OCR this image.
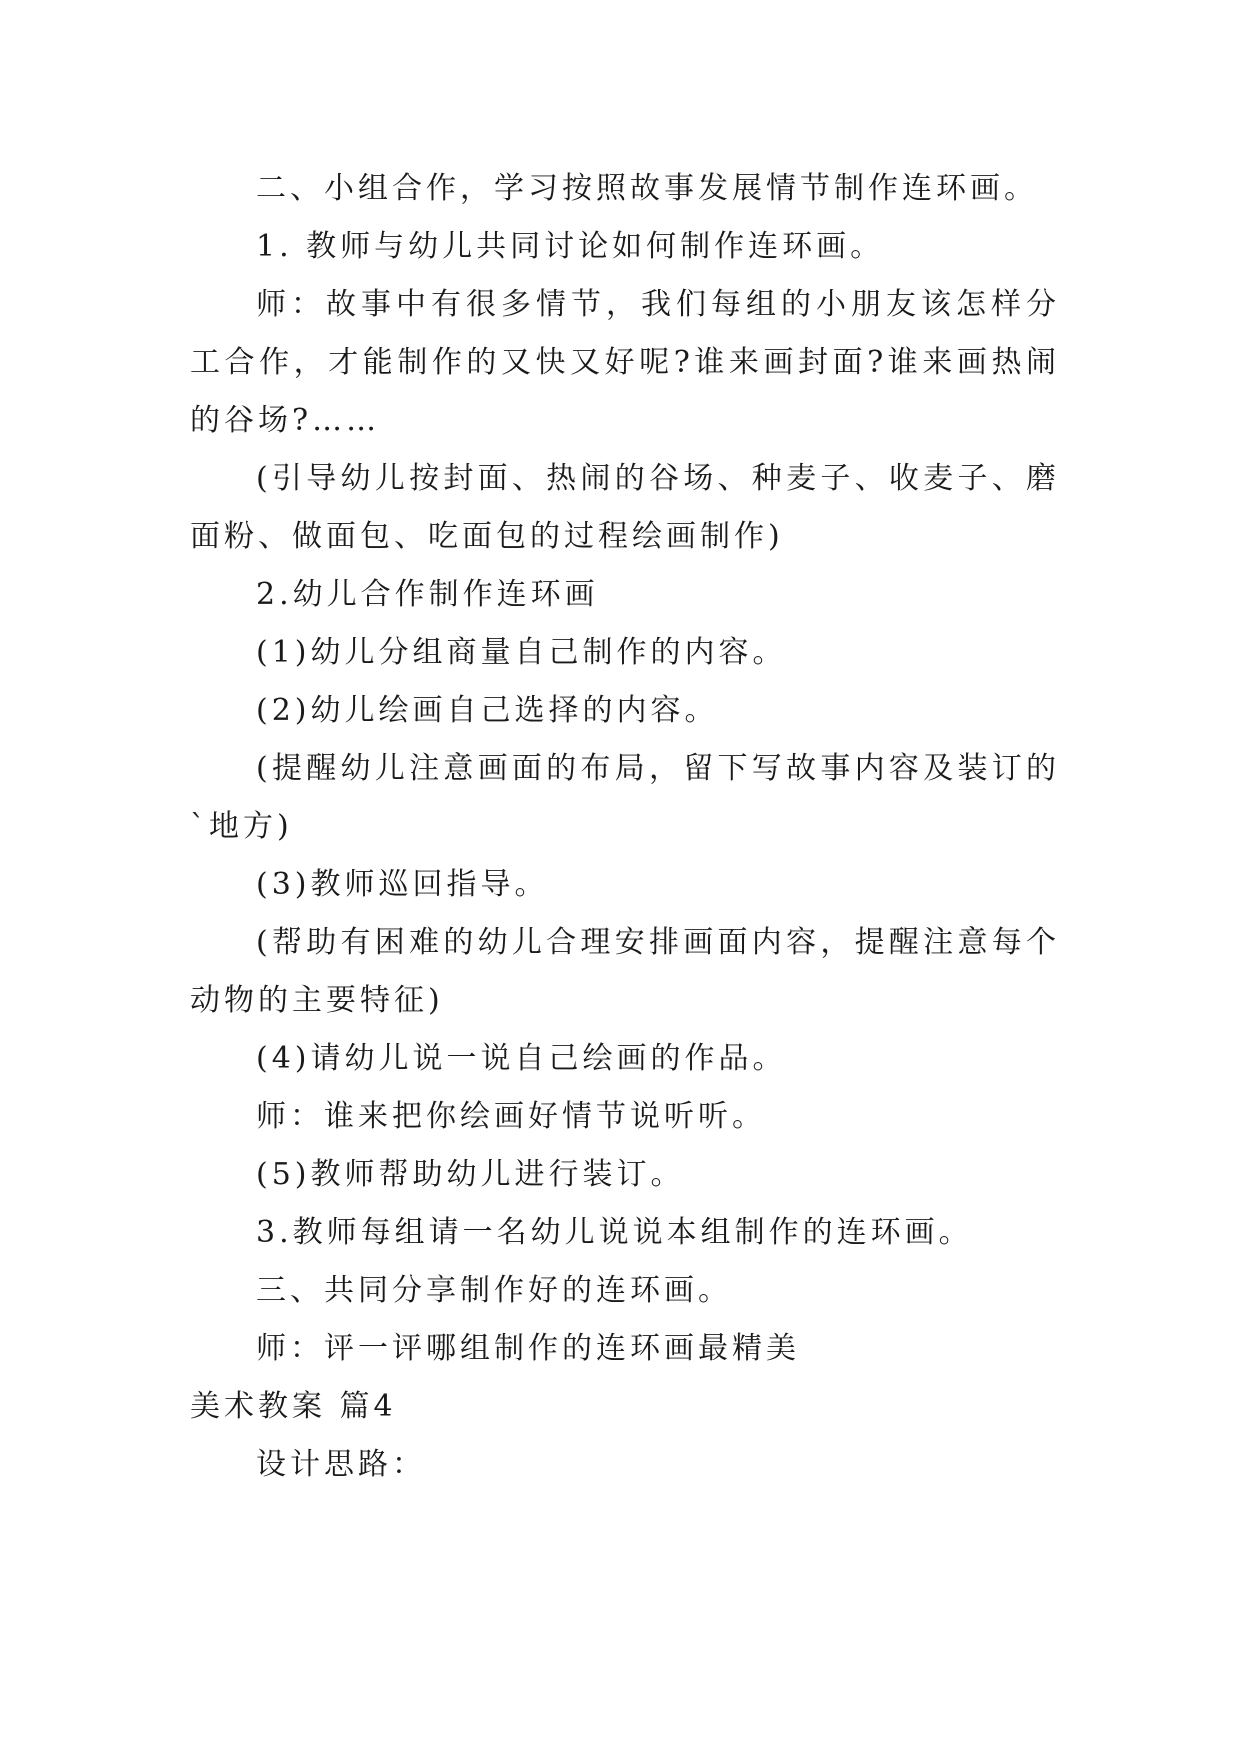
二、小组合作，学习按照故事发展情节制作连环画。

1. 教师与幼儿共同讨论如何制作连环画。

师：故事中有很多情节，我们每组的小朋友该怎样分工合作，才能制作的又快又好呢?谁来画封面?谁来画热闹的谷场?……

(引导幼儿按封面、热闹的谷场、种麦子、收麦子、磨面粉、做面包、吃面包的过程绘画制作)

2.幼儿合作制作连环画

(1)幼儿分组商量自己制作的内容。

(2)幼儿绘画自己选择的内容。

(提醒幼儿注意画面的布局，留下写故事内容及装订的`地方)

(3)教师巡回指导。

(帮助有困难的幼儿合理安排画面内容，提醒注意每个动物的主要特征)

(4)请幼儿说一说自己绘画的作品。

师：谁来把你绘画好情节说听听。

(5)教师帮助幼儿进行装订。

3.教师每组请一名幼儿说说本组制作的连环画。

三、共同分享制作好的连环画。

师：评一评哪组制作的连环画最精美

美术教案 篇4

设计思路：
